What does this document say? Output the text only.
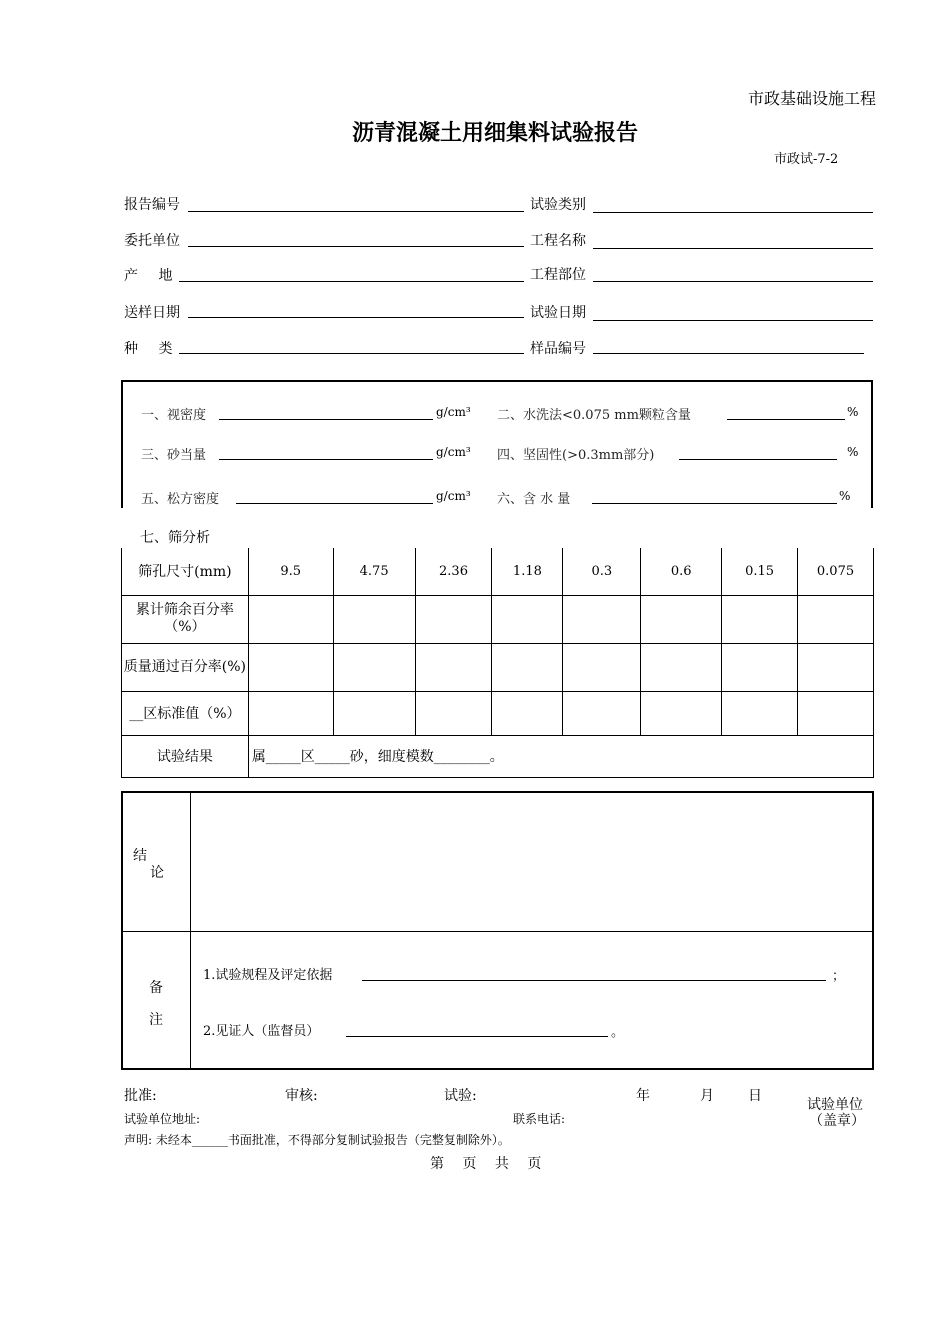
市政基础设施工程
沥青混凝土用细集料试验报告
市政试-7-2
报告编号	试验类别
委托单位	工程名称
产 地	工程部位
送样日期	试验日期
种 类	样品编号
一、视密度	g/cm³ 二、水洗法<0.075 mm颗粒含量	%
三、砂当量	g/cm³ 四、坚固性(>0.3mm部分)	%
五、松方密度	g/cm³ 六、含 水 量	%
七、筛分析
筛孔尺寸(mm)	9.5	4.75	2.36	1.18	0.3	0.6	0.15	0.075
累计筛余百分率（%）								
质量通过百分率(%)								
__区标准值（%）								
试验结果	属_____区_____砂，细度模数________。							
结
论
备
注
1.试验规程及评定依据	；
2.见证人（监督员）	。
批准:	审核:	试验:	年	月 日
试验单位
（盖章）
试验单位地址:	联系电话:
声明: 未经本______书面批准，不得部分复制试验报告（完整复制除外）。
第　 页　 共　 页
